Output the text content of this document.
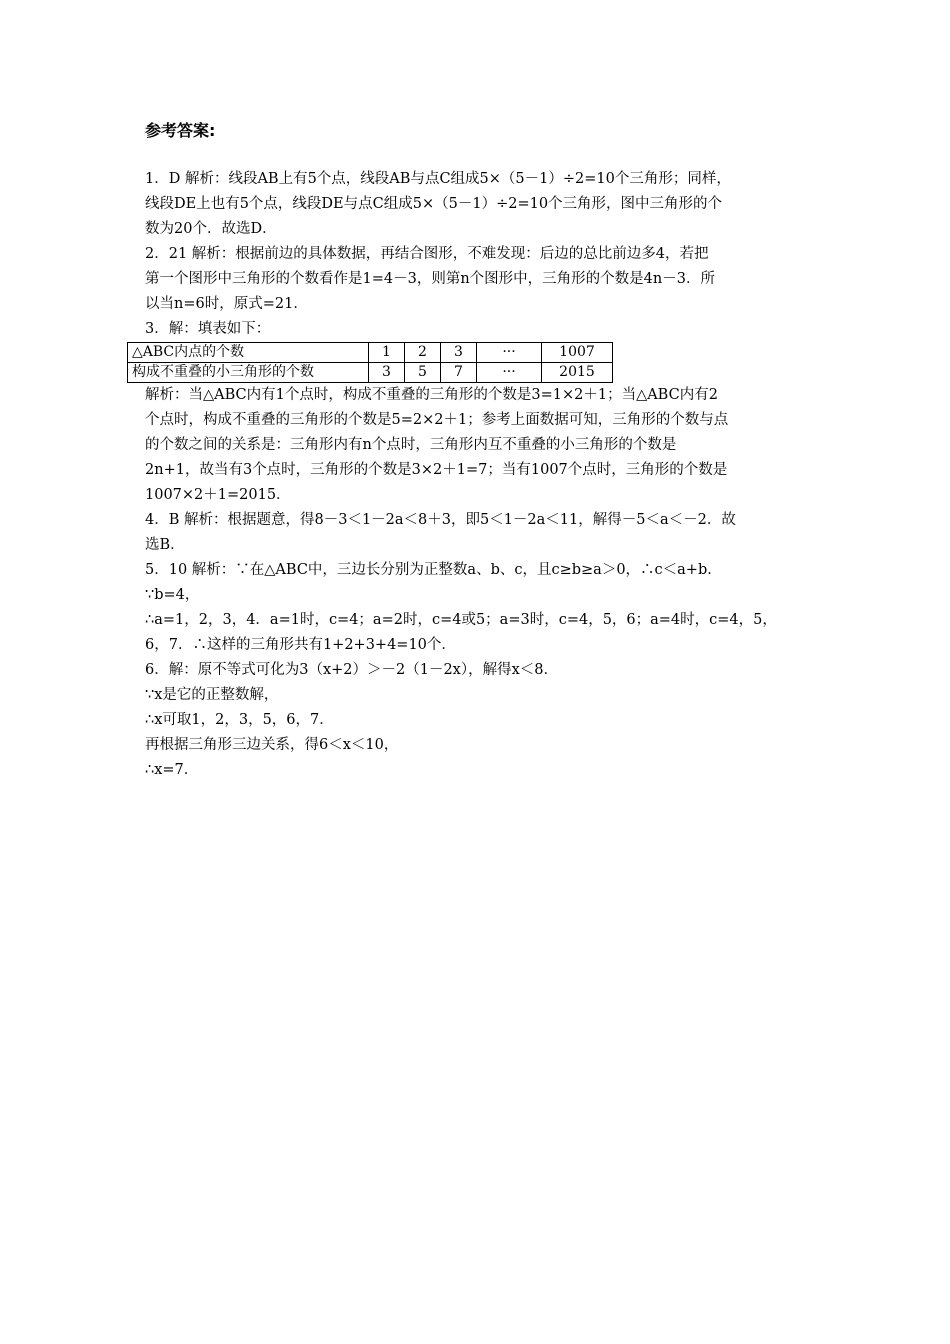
参考答案:

1．D 解析：线段AB上有5个点，线段AB与点C组成5×（5－1）÷2=10个三角形；同样，

线段DE上也有5个点，线段DE与点C组成5×（5－1）÷2=10个三角形，图中三角形的个

数为20个．故选D．

2．21 解析：根据前边的具体数据，再结合图形，不难发现：后边的总比前边多4，若把

第一个图形中三角形的个数看作是1=4－3，则第n个图形中，三角形的个数是4n－3．所

以当n=6时，原式=21．

3．解：填表如下：

△ABC内点的个数	1	2	3	···	1007
构成不重叠的小三角形的个数	3	5	7	···	2015

解析：当△ABC内有1个点时，构成不重叠的三角形的个数是3=1×2＋1；当△ABC内有2

个点时，构成不重叠的三角形的个数是5=2×2＋1；参考上面数据可知，三角形的个数与点

的个数之间的关系是：三角形内有n个点时，三角形内互不重叠的小三角形的个数是

2n+1，故当有3个点时，三角形的个数是3×2＋1=7；当有1007个点时，三角形的个数是

1007×2＋1=2015．

4．B 解析：根据题意，得8－3＜1－2a＜8＋3，即5＜1－2a＜11，解得－5＜a＜－2．故

选B．

5．10 解析：∵在△ABC中，三边长分别为正整数a、b、c，且c≥b≥a＞0，∴c＜a+b．

∵b=4，

∴a=1，2，3，4．a=1时，c=4；a=2时，c=4或5；a=3时，c=4，5，6；a=4时，c=4，5，

6，7．∴这样的三角形共有1+2+3+4=10个．

6．解：原不等式可化为3（x+2）＞－2（1－2x），解得x＜8．

∵x是它的正整数解，

∴x可取1，2，3，5，6，7．

再根据三角形三边关系，得6＜x＜10，

∴x=7．
